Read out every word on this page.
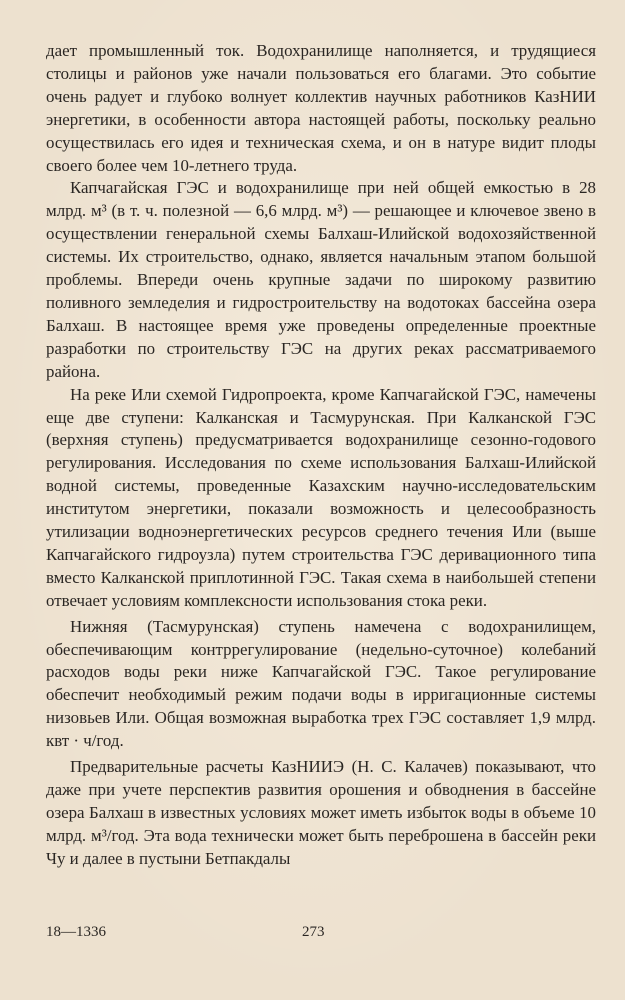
дает промышленный ток. Водохранилище наполняется, и трудящиеся столицы и районов уже начали пользоваться его благами. Это событие очень радует и глубоко волнует коллектив научных работников КазНИИ энергетики, в особенности автора настоящей работы, поскольку реально осуществилась его идея и техническая схема, и он в натуре видит плоды своего более чем 10-летнего труда.

Капчагайская ГЭС и водохранилище при ней общей емкостью в 28 млрд. м³ (в т. ч. полезной — 6,6 млрд. м³) — решающее и ключевое звено в осуществлении генеральной схемы Балхаш-Илийской водохозяйственной системы. Их строительство, однако, является начальным этапом большой проблемы. Впереди очень крупные задачи по широкому развитию поливного земледелия и гидростроительству на водотоках бассейна озера Балхаш. В настоящее время уже проведены определенные проектные разработки по строительству ГЭС на других реках рассматриваемого района.

На реке Или схемой Гидропроекта, кроме Капчагайской ГЭС, намечены еще две ступени: Калканская и Тасмурунская. При Калканской ГЭС (верхняя ступень) предусматривается водохранилище сезонно-годового регулирования. Исследования по схеме использования Балхаш-Илийской водной системы, проведенные Казахским научно-исследовательским институтом энергетики, показали возможность и целесообразность утилизации водноэнергетических ресурсов среднего течения Или (выше Капчагайского гидроузла) путем строительства ГЭС деривационного типа вместо Калканской приплотинной ГЭС. Такая схема в наибольшей степени отвечает условиям комплексности использования стока реки.

Нижняя (Тасмурунская) ступень намечена с водохранилищем, обеспечивающим контррегулирование (недельно-суточное) колебаний расходов воды реки ниже Капчагайской ГЭС. Такое регулирование обеспечит необходимый режим подачи воды в ирригационные системы низовьев Или. Общая возможная выработка трех ГЭС составляет 1,9 млрд. квт · ч/год.

Предварительные расчеты КазНИИЭ (Н. С. Калачев) показывают, что даже при учете перспектив развития орошения и обводнения в бассейне озера Балхаш в известных условиях может иметь избыток воды в объеме 10 млрд. м³/год. Эта вода технически может быть переброшена в бассейн реки Чу и далее в пустыни Бетпакдалы

18—1336	273
